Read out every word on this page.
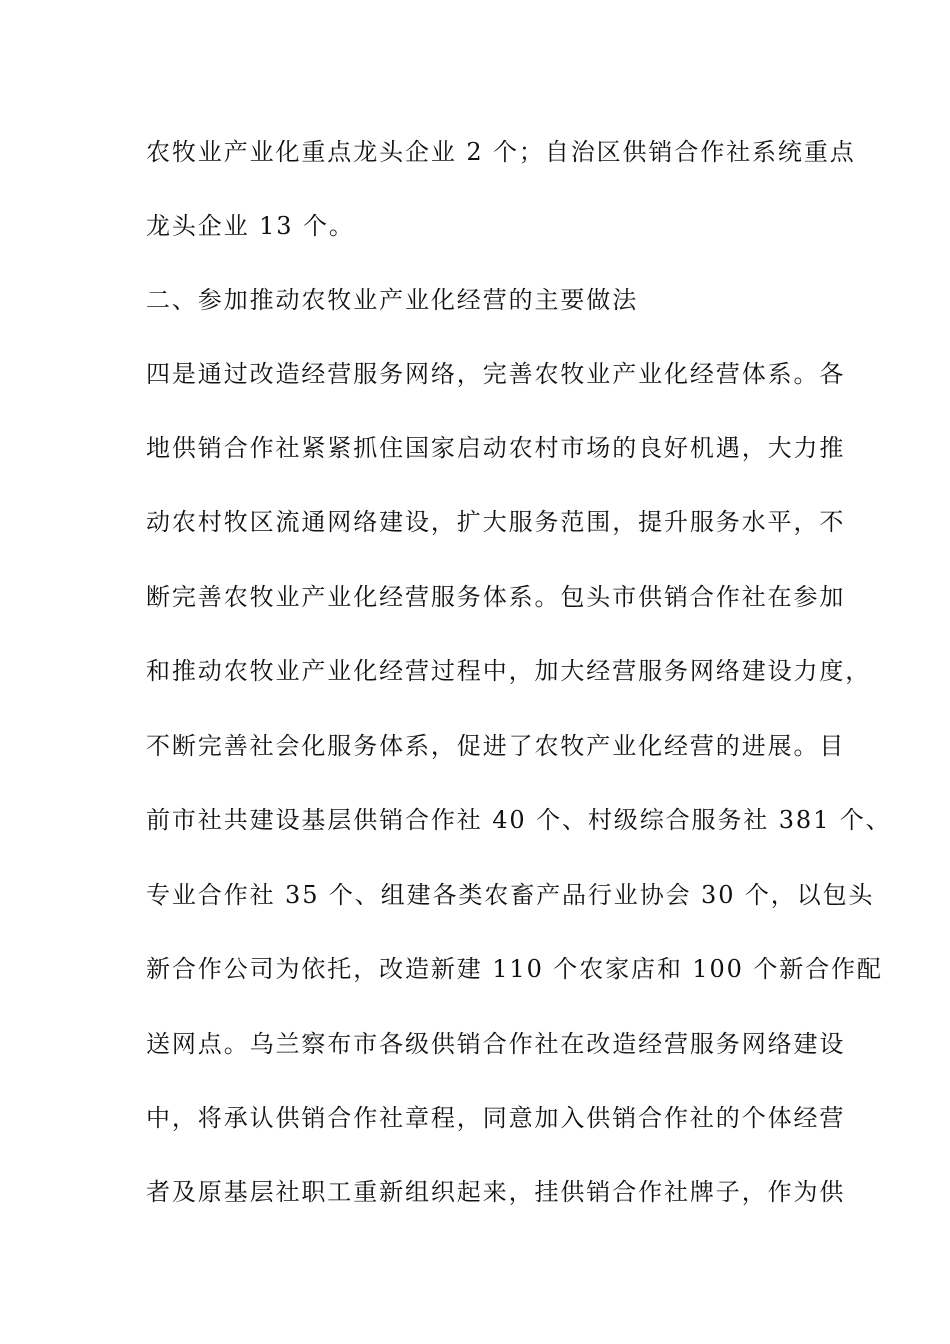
农牧业产业化重点龙头企业 2 个；自治区供销合作社系统重点
龙头企业 13 个。
二、参加推动农牧业产业化经营的主要做法
四是通过改造经营服务网络，完善农牧业产业化经营体系。各
地供销合作社紧紧抓住国家启动农村市场的良好机遇，大力推
动农村牧区流通网络建设，扩大服务范围，提升服务水平，不
断完善农牧业产业化经营服务体系。包头市供销合作社在参加
和推动农牧业产业化经营过程中，加大经营服务网络建设力度，
不断完善社会化服务体系，促进了农牧产业化经营的进展。目
前市社共建设基层供销合作社 40 个、村级综合服务社 381 个、
专业合作社 35 个、组建各类农畜产品行业协会 30 个，以包头
新合作公司为依托，改造新建 110 个农家店和 100 个新合作配
送网点。乌兰察布市各级供销合作社在改造经营服务网络建设
中，将承认供销合作社章程，同意加入供销合作社的个体经营
者及原基层社职工重新组织起来，挂供销合作社牌子，作为供
